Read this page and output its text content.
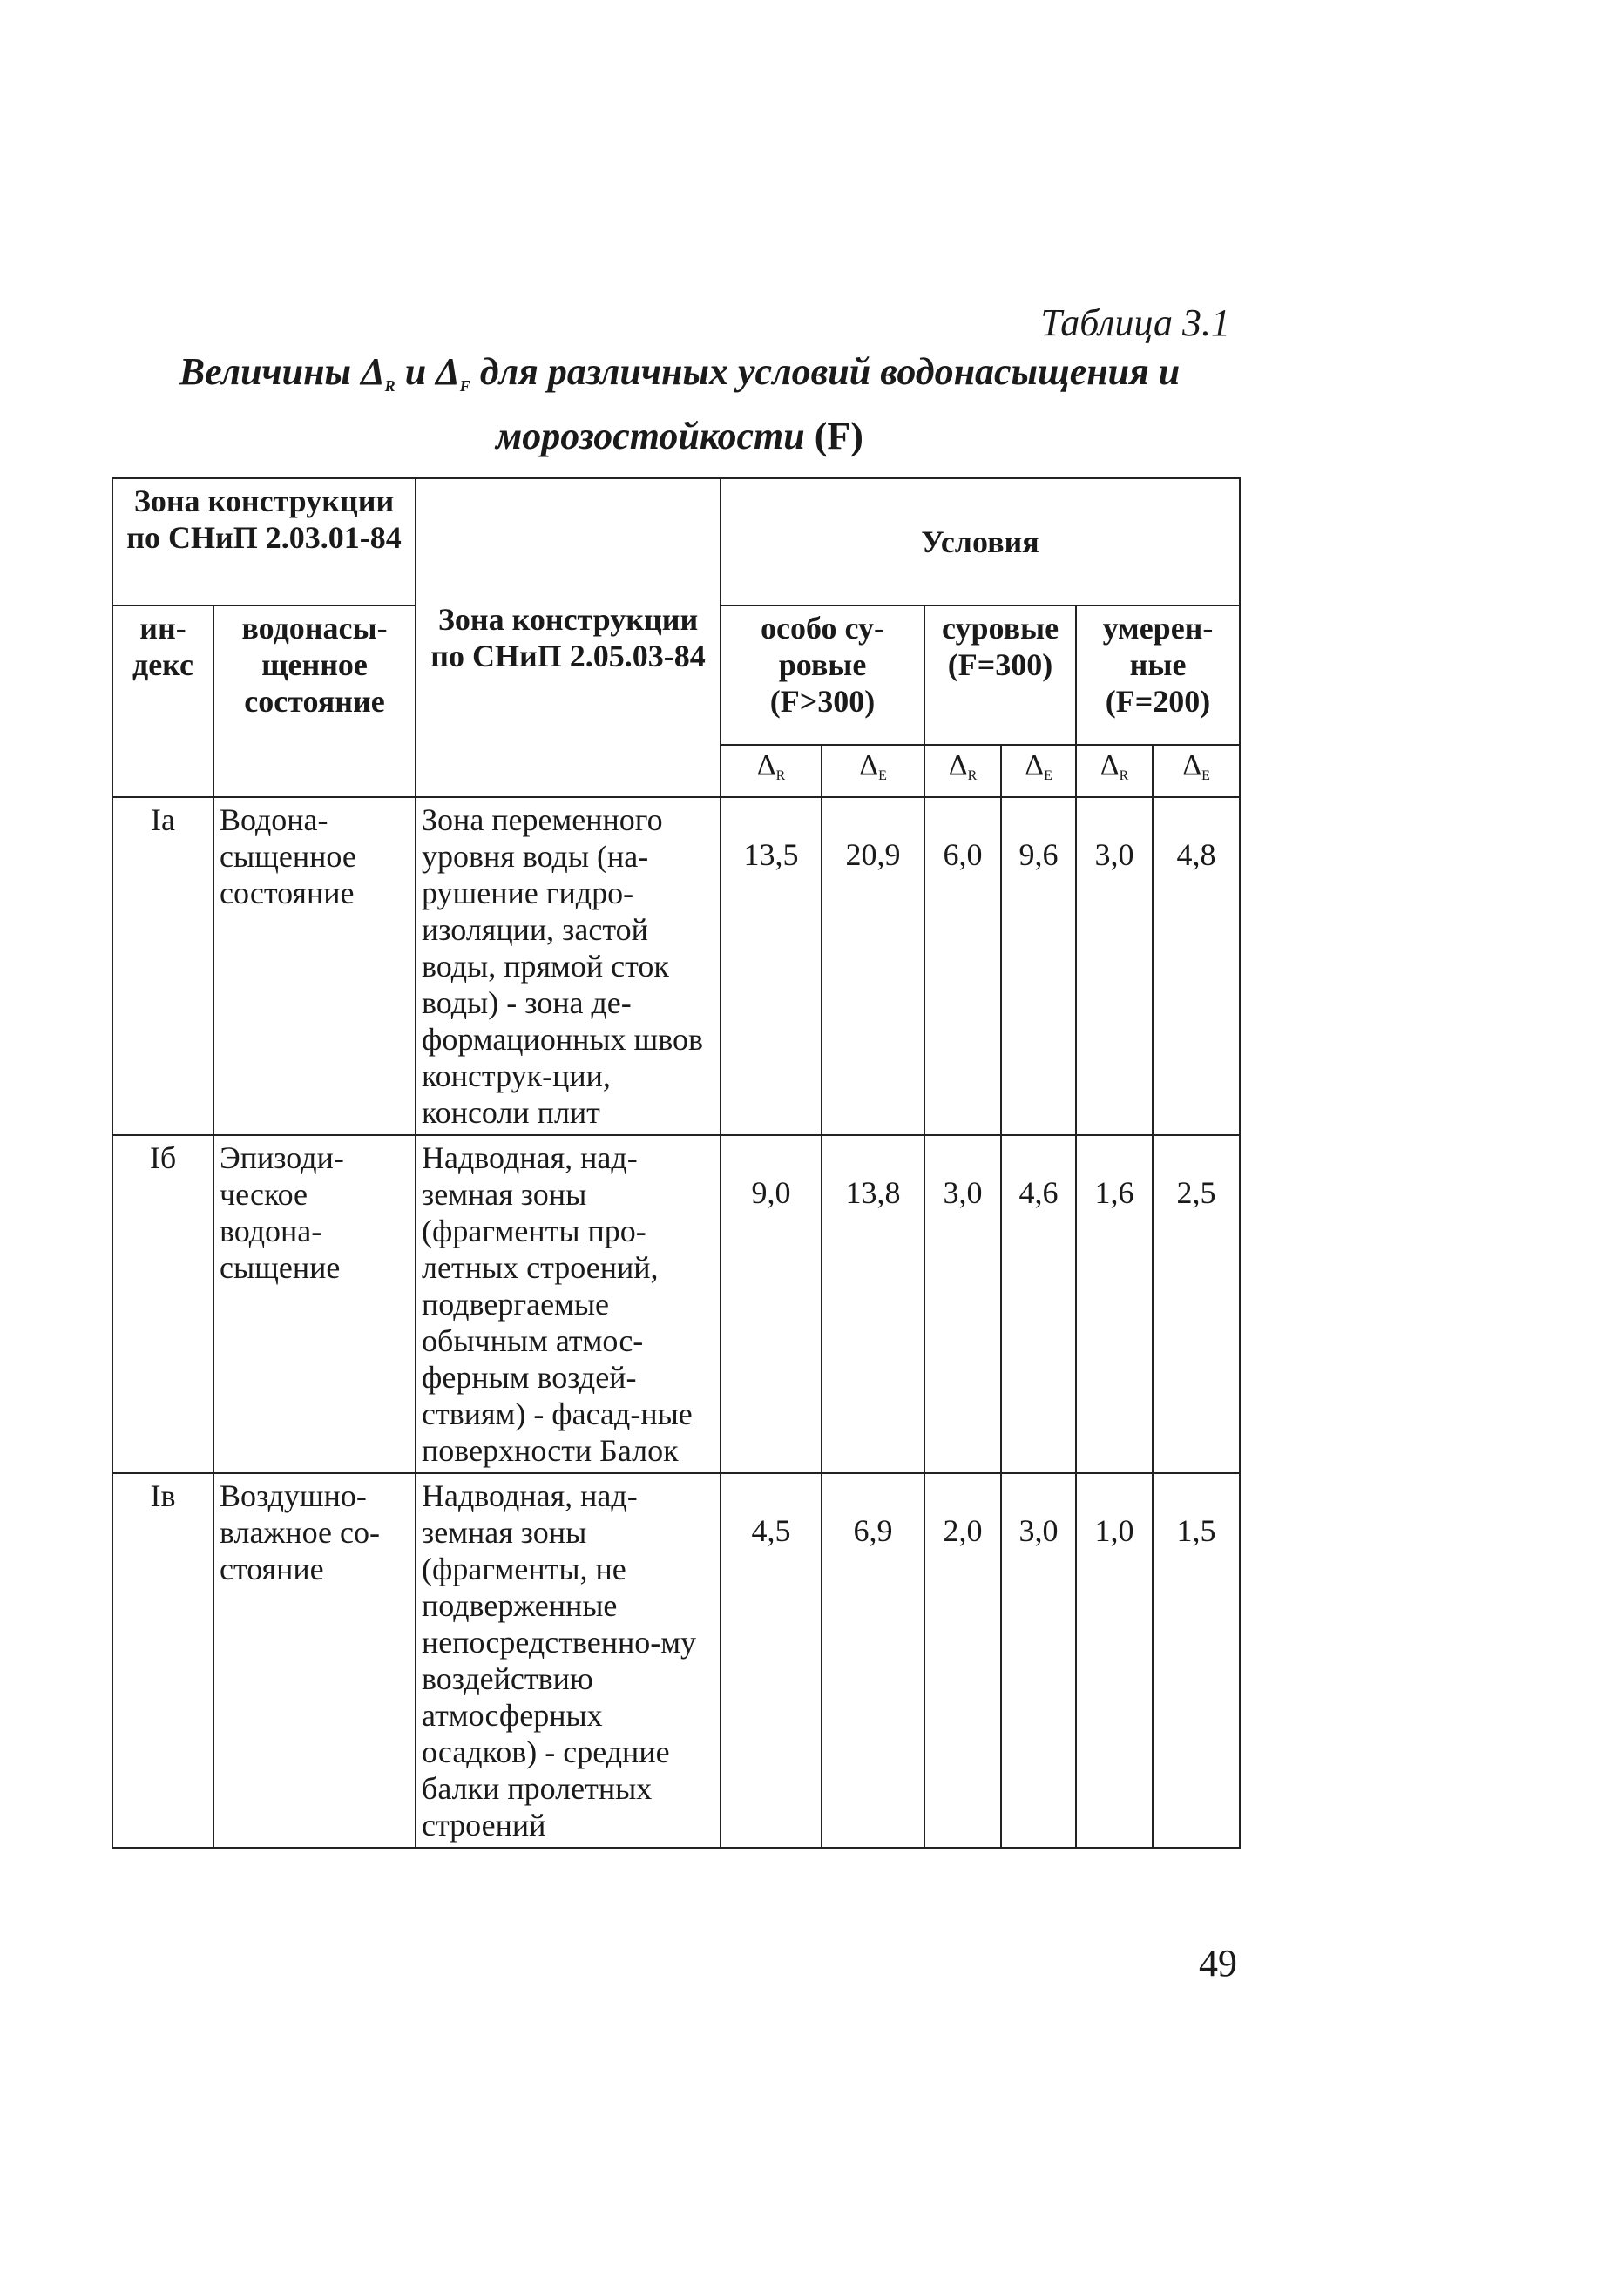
Таблица 3.1
Величины $\Delta_R$ и $\Delta_F$ для различных условий водонасыщения и
морозостойкости (F)
Зона конструкции по СНиП 2.03.01-84		Зона конструкции по СНиП 2.05.03-84	Условия					
ин-декс	водонасы-щенное состояние		особо су-ровые (F>300)		суровые (F=300)		умерен-ные (F=200)	
			$\Delta_R$	$\Delta_E$	$\Delta_R$	$\Delta_E$	$\Delta_R$	$\Delta_E$
Iа	Водона-сыщенное состояние	Зона переменного уровня воды (на-рушение гидро-изоляции, застой воды, прямой сток воды) - зона де-формационных швов конструк-ции, консоли плит	13,5	20,9	6,0	9,6	3,0	4,8
Iб	Эпизоди-ческое водона-сыщение	Надводная, над-земная зоны (фрагменты про-летных строений, подвергаемые обычным атмос-ферным воздей-ствиям) - фасад-ные поверхности Балок	9,0	13,8	3,0	4,6	1,6	2,5
Iв	Воздушно-влажное со-стояние	Надводная, над-земная зоны (фрагменты, не подверженные непосредственно-му воздействию атмосферных осадков) - средние балки пролетных строений	4,5	6,9	2,0	3,0	1,0	1,5
49
